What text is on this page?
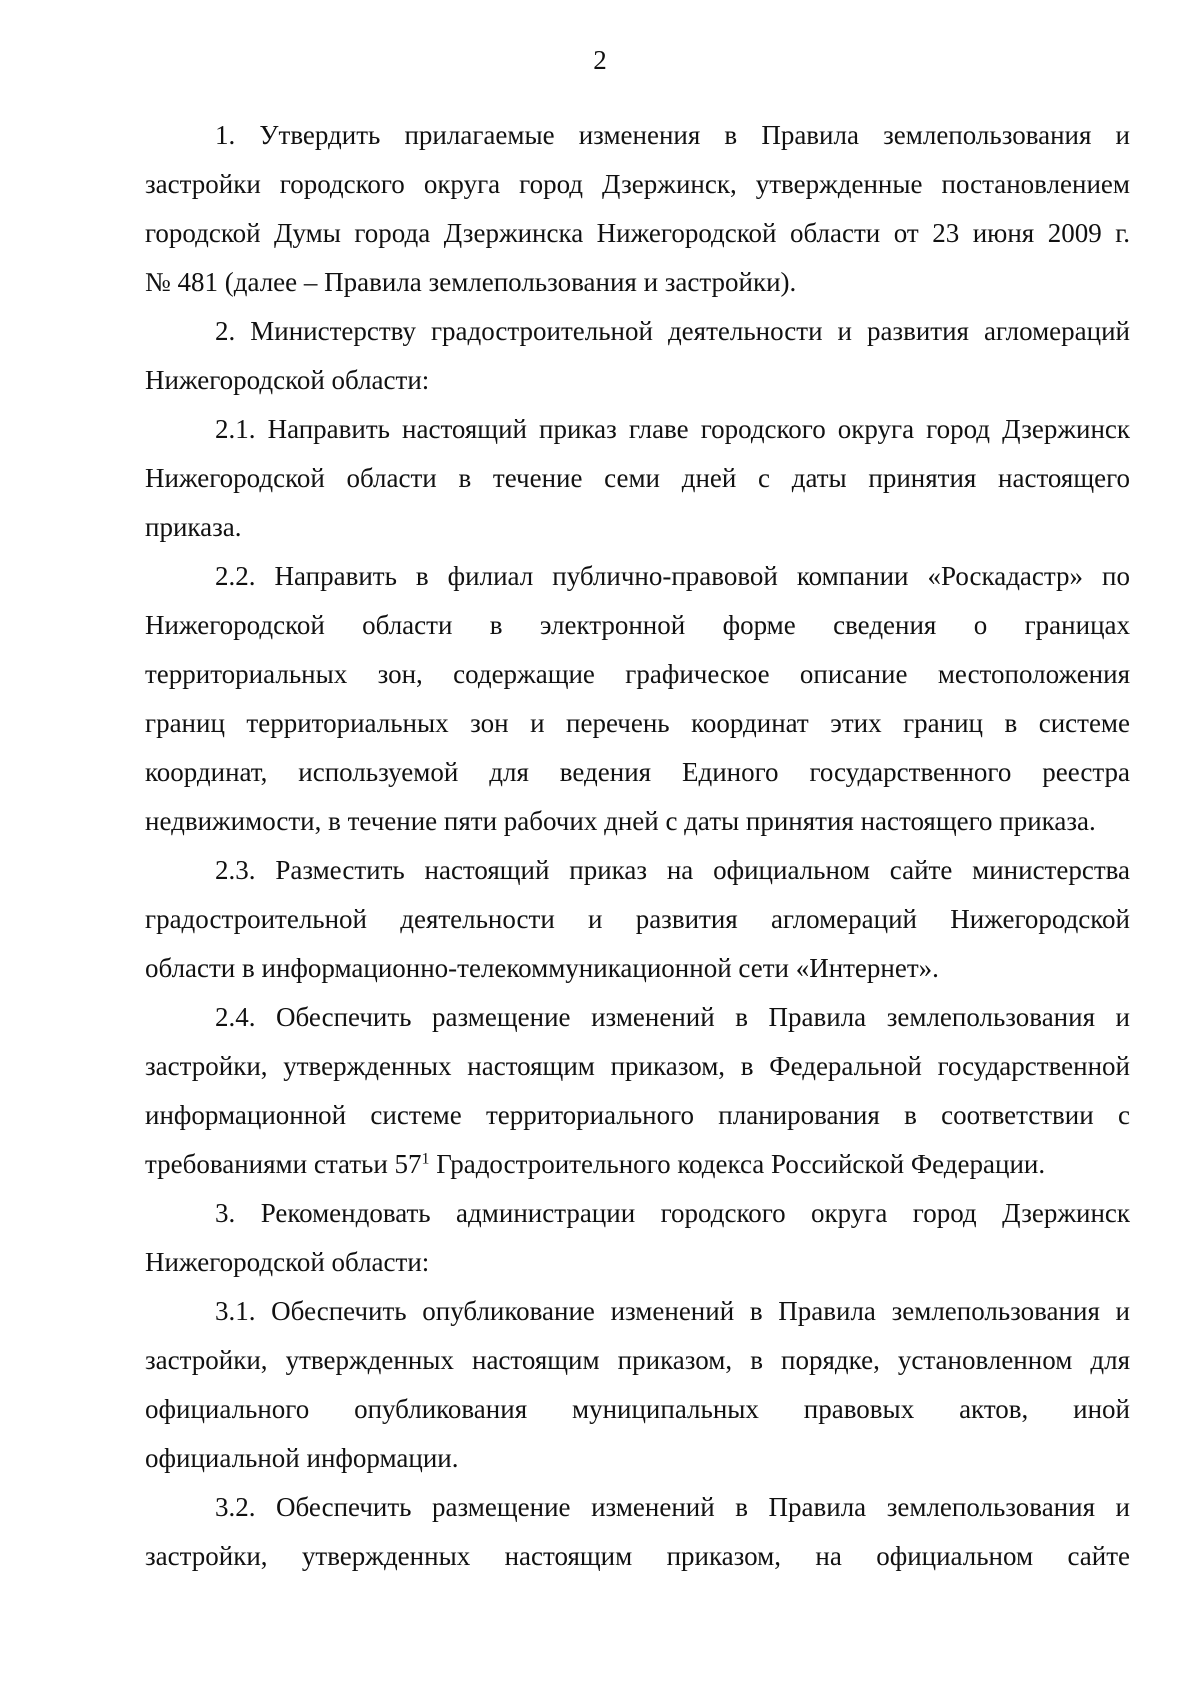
2
1. Утвердить прилагаемые изменения в Правила землепользования и
застройки городского округа город Дзержинск, утвержденные постановлением
городской Думы города Дзержинска Нижегородской области от 23 июня 2009 г.
№ 481 (далее – Правила землепользования и застройки).
2. Министерству градостроительной деятельности и развития агломераций
Нижегородской области:
2.1. Направить настоящий приказ главе городского округа город Дзержинск
Нижегородской области в течение семи дней с даты принятия настоящего
приказа.
2.2. Направить в филиал публично-правовой компании «Роскадастр» по
Нижегородской области в электронной форме сведения о границах
территориальных зон, содержащие графическое описание местоположения
границ территориальных зон и перечень координат этих границ в системе
координат, используемой для ведения Единого государственного реестра
недвижимости, в течение пяти рабочих дней с даты принятия настоящего приказа.
2.3. Разместить настоящий приказ на официальном сайте министерства
градостроительной деятельности и развития агломераций Нижегородской
области в информационно-телекоммуникационной сети «Интернет».
2.4. Обеспечить размещение изменений в Правила землепользования и
застройки, утвержденных настоящим приказом, в Федеральной государственной
информационной системе территориального планирования в соответствии с
требованиями статьи $57^1$ Градостроительного кодекса Российской Федерации.
3. Рекомендовать администрации городского округа город Дзержинск
Нижегородской области:
3.1. Обеспечить опубликование изменений в Правила землепользования и
застройки, утвержденных настоящим приказом, в порядке, установленном для
официального опубликования муниципальных правовых актов, иной
официальной информации.
3.2. Обеспечить размещение изменений в Правила землепользования и
застройки, утвержденных настоящим приказом, на официальном сайте
